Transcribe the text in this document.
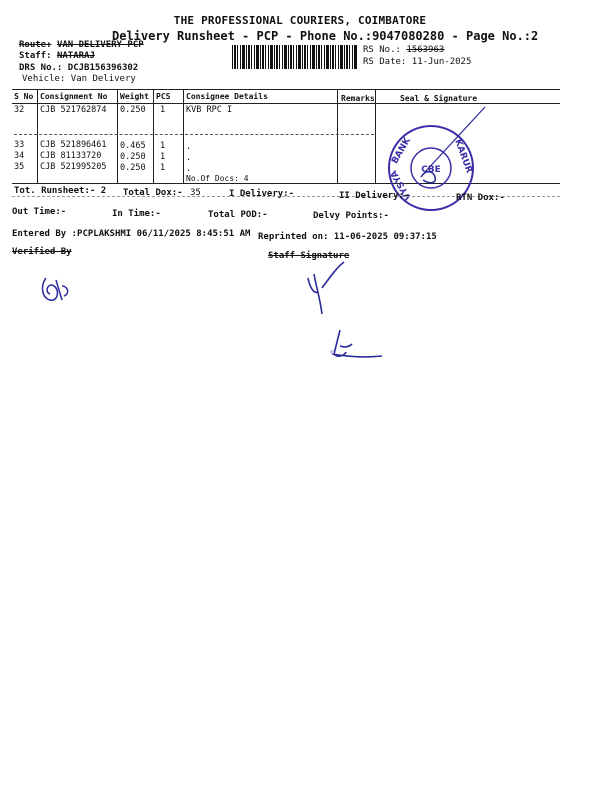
THE PROFESSIONAL COURIERS, COIMBATORE
Delivery Runsheet - PCP - Phone No.:9047080280 - Page No.:2
Route: VAN DELIVERY PCP
Staff: NATARAJ
DRS No.: DCJB156396302
Vehicle: Van Delivery
RS No.: 1563963
RS Date: 11-Jun-2025
S No Consignment No Weight PCS Consignee Details	Remarks	Seal & Signature
32 CJB 521762874 0.250 1 KVB RPC I
33 CJB 521896461 0.465 1 .
34 CJB 81133720 0.250 1 .
35 CJB 521995205 0.250 1 .
No.Of Docs: 4
CBE
BANK	KARUR
VYSYA
Tot. Runsheet:- 2 Total Dox:- 35	I Delivery:-	II Delivery:-	RTN Dox:-
Out Time:-	In Time:-	Total POD:-	Delvy Points:-
Entered By :PCPLAKSHMI 06/11/2025 8:45:51 AM Reprinted on: 11-06-2025 09:37:15
Verified By	Staff Signature
